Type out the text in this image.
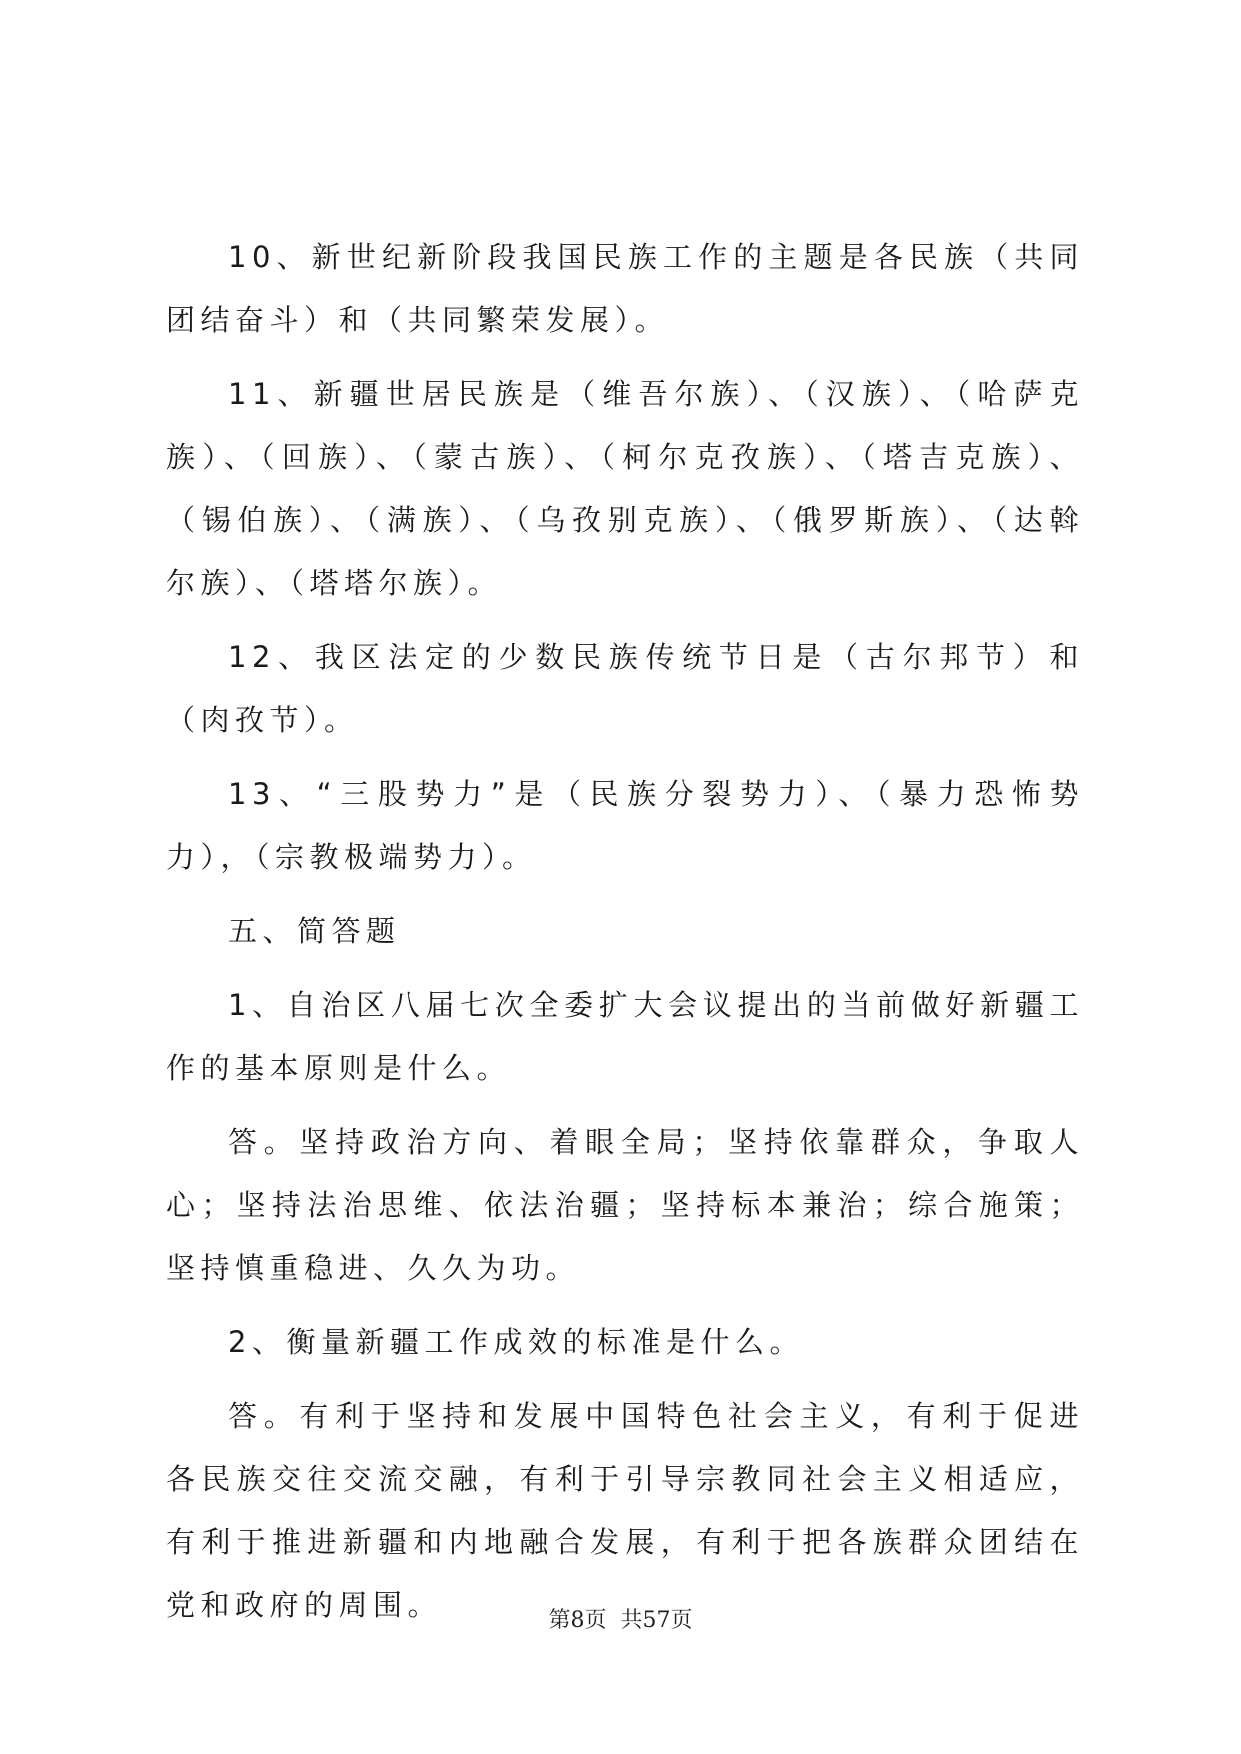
10、新世纪新阶段我国民族工作的主题是各民族（共同团结奋斗）和（共同繁荣发展）。

11、新疆世居民族是（维吾尔族）、（汉族）、（哈萨克族）、（回族）、（蒙古族）、（柯尔克孜族）、（塔吉克族）、（锡伯族）、（满族）、（乌孜别克族）、（俄罗斯族）、（达斡尔族）、（塔塔尔族）。

12、我区法定的少数民族传统节日是（古尔邦节）和（肉孜节）。

13、“三股势力”是（民族分裂势力）、（暴力恐怖势力），（宗教极端势力）。

五、简答题

1、自治区八届七次全委扩大会议提出的当前做好新疆工作的基本原则是什么。

答。坚持政治方向、着眼全局；坚持依靠群众，争取人心；坚持法治思维、依法治疆；坚持标本兼治；综合施策；坚持慎重稳进、久久为功。

2、衡量新疆工作成效的标准是什么。

答。有利于坚持和发展中国特色社会主义，有利于促进各民族交往交流交融，有利于引导宗教同社会主义相适应，有利于推进新疆和内地融合发展，有利于把各族群众团结在党和政府的周围。	第8页 共57页
